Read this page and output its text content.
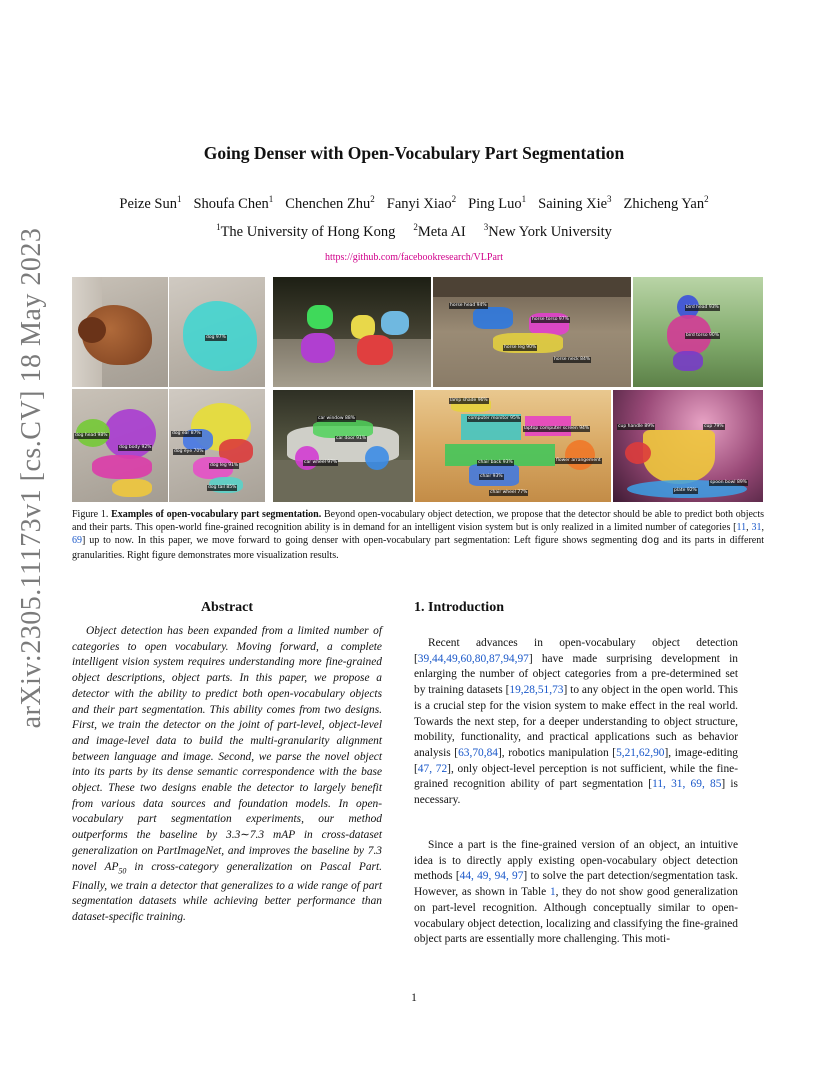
arXiv:2305.11173v1 [cs.CV] 18 May 2023
Going Denser with Open-Vocabulary Part Segmentation
Peize Sun$^1$ Shoufa Chen$^1$ Chenchen Zhu$^2$ Fanyi Xiao$^2$ Ping Luo$^1$ Saining Xie$^3$ Zhicheng Yan$^2$
$^1$The University of Hong Kong $^2$Meta AI $^3$New York University
https://github.com/facebookresearch/VLPart
dog 97%
dog head 98%
dog body 92%
dog ear 87%
dog eye 70%
dog leg 91%
dog tail 85%
horse head 94%
horse torso 97%
horse leg 90%
horse neck 84%
bird head 93%
bird torso 90%
car wheel 97%
car door 91%
car window 88%
lamp shade 96%
computer monitor 95%
laptop computer screen 94%
chair back 93%
chair 93%
chair wheel 77%
flower arrangement
cup handle 89%	cup 79%
plate 92%
spoon bowl 89%
Figure 1. Examples of open-vocabulary part segmentation. Beyond open-vocabulary object detection, we propose that the detector should be able to predict both objects and their parts. This open-world fine-grained recognition ability is in demand for an intelligent vision system but is only realized in a limited number of categories [11, 31, 69] up to now. In this paper, we move forward to going denser with open-vocabulary part segmentation: Left figure shows segmenting dog and its parts in different granularities. Right figure demonstrates more visualization results.
Abstract
Object detection has been expanded from a limited number of categories to open vocabulary. Moving forward, a complete intelligent vision system requires understanding more fine-grained object descriptions, object parts. In this paper, we propose a detector with the ability to predict both open-vocabulary objects and their part segmentation. This ability comes from two designs. First, we train the detector on the joint of part-level, object-level and image-level data to build the multi-granularity alignment between language and image. Second, we parse the novel object into its parts by its dense semantic correspondence with the base object. These two designs enable the detector to largely benefit from various data sources and foundation models. In open-vocabulary part segmentation experiments, our method outperforms the baseline by 3.3∼7.3 mAP in cross-dataset generalization on PartImageNet, and improves the baseline by 7.3 novel $AP_{50}$ in cross-category generalization on Pascal Part. Finally, we train a detector that generalizes to a wide range of part segmentation datasets while achieving better performance than dataset-specific training.
1. Introduction
Recent advances in open-vocabulary object detection [39,44,49,60,80,87,94,97] have made surprising development in enlarging the number of object categories from a pre-determined set by training datasets [19,28,51,73] to any object in the open world. This is a crucial step for the vision system to make effect in the real world. Towards the next step, for a deeper understanding to object structure, mobility, functionality, and practical applications such as behavior analysis [63,70,84], robotics manipulation [5,21,62,90], image-editing [47, 72], only object-level perception is not sufficient, while the fine-grained recognition ability of part segmentation [11, 31, 69, 85] is necessary.
Since a part is the fine-grained version of an object, an intuitive idea is to directly apply existing open-vocabulary object detection methods [44, 49, 94, 97] to solve the part detection/segmentation task. However, as shown in Table 1, they do not show good generalization on part-level recognition. Although conceptually similar to open-vocabulary object detection, localizing and classifying the fine-grained object parts are essentially more challenging. This moti-
1
